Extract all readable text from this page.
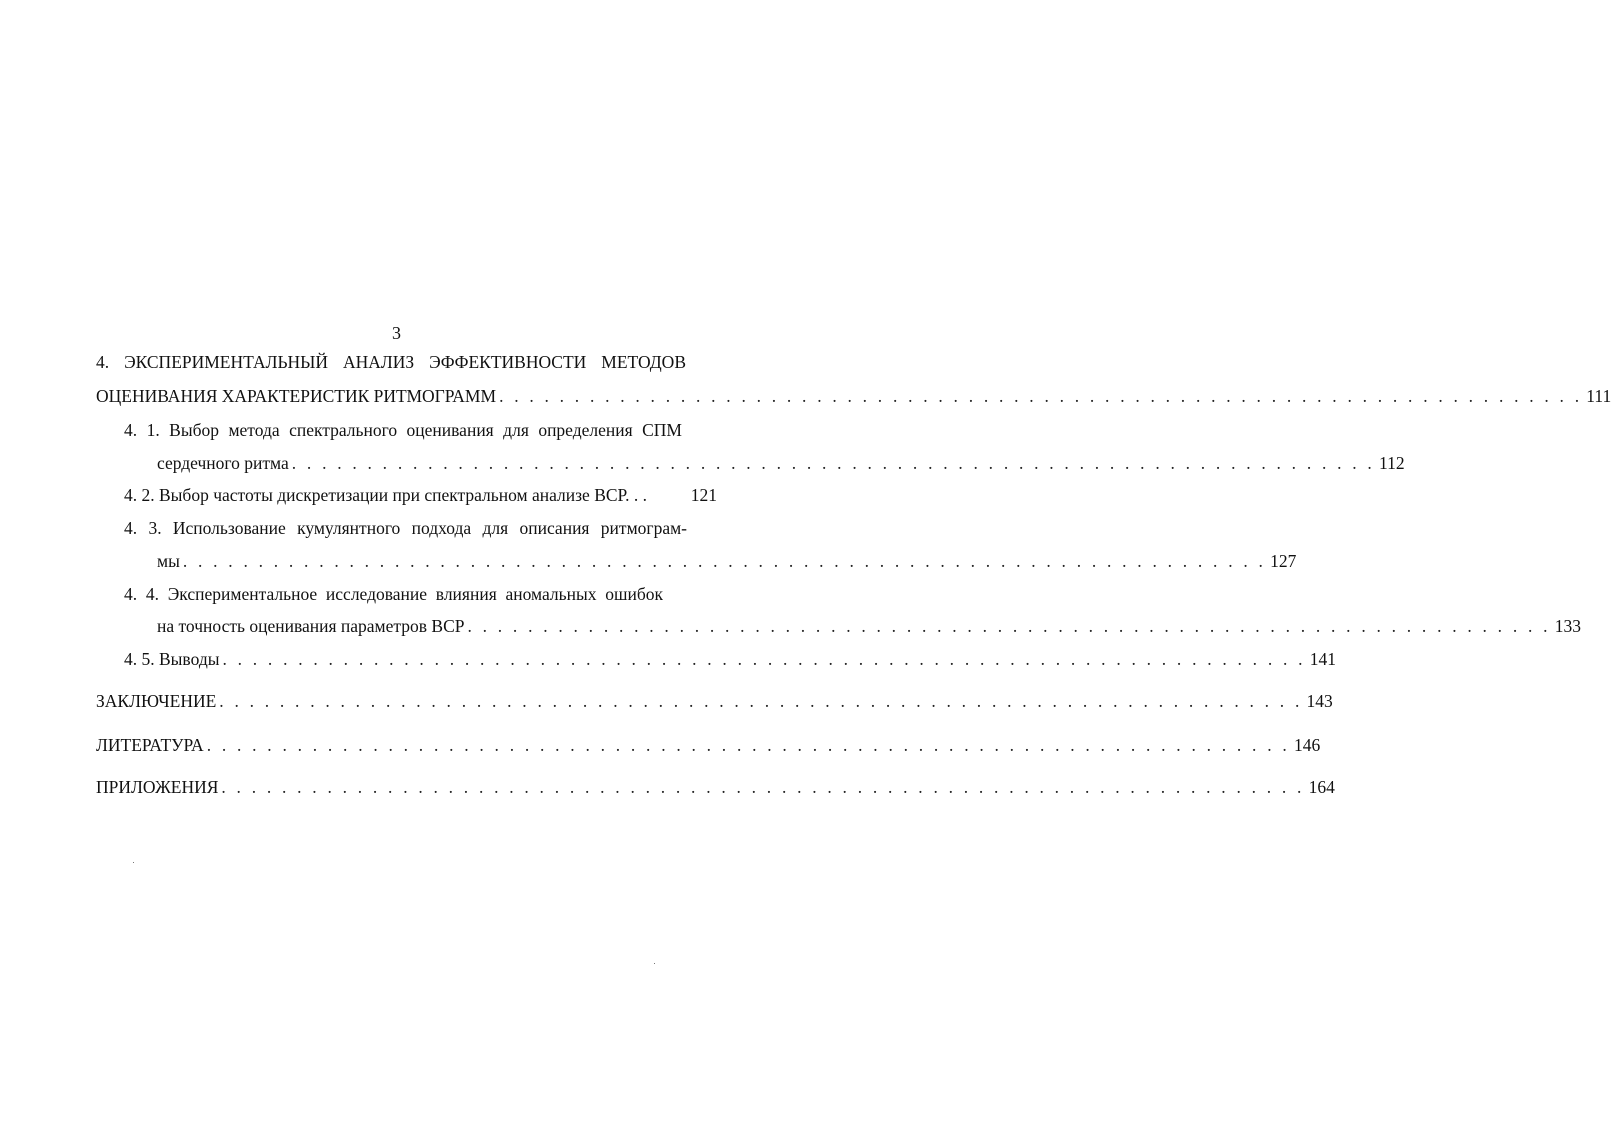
3
4. ЭКСПЕРИМЕНТАЛЬНЫЙ АНАЛИЗ ЭФФЕКТИВНОСТИ МЕТОДОВ
ОЦЕНИВАНИЯ ХАРАКТЕРИСТИК РИТМОГРАММ . . . . . . . . . . . . . . . . . . . . . . . . . . . . . . . . . . . . . . . . . . . . . . . . . . . . . . . . . . . . . . . . . . . . . . . . 111
4. 1. Выбор метода спектрального оценивания для определения СПМ
сердечного ритма . . . . . . . . . . . . . . . . . . . . . . . . . . . . . . . . . . . . . . . . . . . . . . . . . . . . . . . . . . . . . . . . . . . . . . . . 112
4. 2. Выбор частоты дискретизации при спектральном анализе ВСР. . .	121
4. 3. Использование кумулянтного подхода для описания ритмограм-
мы . . . . . . . . . . . . . . . . . . . . . . . . . . . . . . . . . . . . . . . . . . . . . . . . . . . . . . . . . . . . . . . . . . . . . . . . 127
4. 4. Экспериментальное исследование влияния аномальных ошибок
на точность оценивания параметров ВСР . . . . . . . . . . . . . . . . . . . . . . . . . . . . . . . . . . . . . . . . . . . . . . . . . . . . . . . . . . . . . . . . . . . . . . . . 133
4. 5. Выводы . . . . . . . . . . . . . . . . . . . . . . . . . . . . . . . . . . . . . . . . . . . . . . . . . . . . . . . . . . . . . . . . . . . . . . . . 141
ЗАКЛЮЧЕНИЕ . . . . . . . . . . . . . . . . . . . . . . . . . . . . . . . . . . . . . . . . . . . . . . . . . . . . . . . . . . . . . . . . . . . . . . . . 143
ЛИТЕРАТУРА . . . . . . . . . . . . . . . . . . . . . . . . . . . . . . . . . . . . . . . . . . . . . . . . . . . . . . . . . . . . . . . . . . . . . . . . 146
ПРИЛОЖЕНИЯ . . . . . . . . . . . . . . . . . . . . . . . . . . . . . . . . . . . . . . . . . . . . . . . . . . . . . . . . . . . . . . . . . . . . . . . . 164
